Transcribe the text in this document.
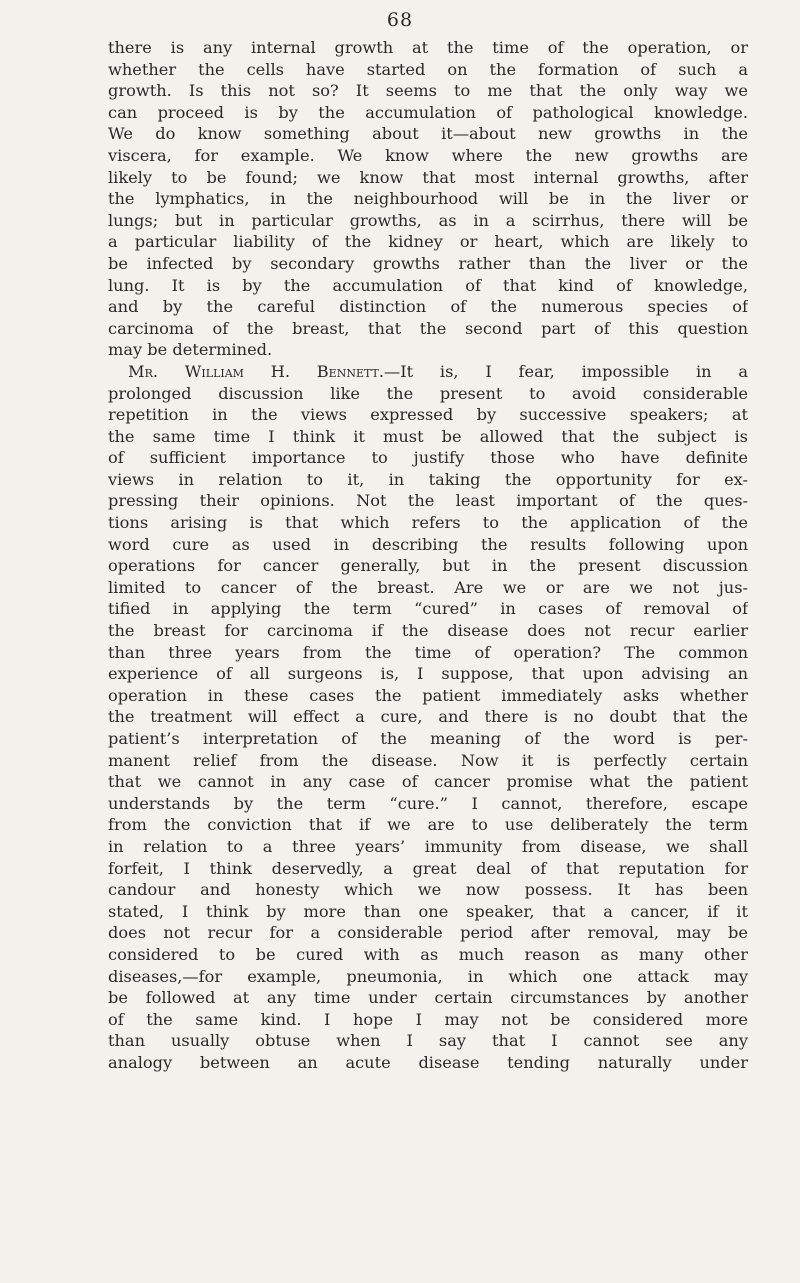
68
there is any internal growth at the time of the operation, or
whether the cells have started on the formation of such a
growth. Is this not so? It seems to me that the only way we
can proceed is by the accumulation of pathological knowledge.
We do know something about it—about new growths in the
viscera, for example. We know where the new growths are
likely to be found; we know that most internal growths, after
the lymphatics, in the neighbourhood will be in the liver or
lungs; but in particular growths, as in a scirrhus, there will be
a particular liability of the kidney or heart, which are likely to
be infected by secondary growths rather than the liver or the
lung. It is by the accumulation of that kind of knowledge,
and by the careful distinction of the numerous species of
carcinoma of the breast, that the second part of this question
may be determined.
Mr. William H. Bennett.—It is, I fear, impossible in a
prolonged discussion like the present to avoid considerable
repetition in the views expressed by successive speakers; at
the same time I think it must be allowed that the subject is
of sufficient importance to justify those who have definite
views in relation to it, in taking the opportunity for ex-
pressing their opinions. Not the least important of the ques-
tions arising is that which refers to the application of the
word cure as used in describing the results following upon
operations for cancer generally, but in the present discussion
limited to cancer of the breast. Are we or are we not jus-
tified in applying the term “cured” in cases of removal of
the breast for carcinoma if the disease does not recur earlier
than three years from the time of operation? The common
experience of all surgeons is, I suppose, that upon advising an
operation in these cases the patient immediately asks whether
the treatment will effect a cure, and there is no doubt that the
patient’s interpretation of the meaning of the word is per-
manent relief from the disease. Now it is perfectly certain
that we cannot in any case of cancer promise what the patient
understands by the term “cure.” I cannot, therefore, escape
from the conviction that if we are to use deliberately the term
in relation to a three years’ immunity from disease, we shall
forfeit, I think deservedly, a great deal of that reputation for
candour and honesty which we now possess. It has been
stated, I think by more than one speaker, that a cancer, if it
does not recur for a considerable period after removal, may be
considered to be cured with as much reason as many other
diseases,—for example, pneumonia, in which one attack may
be followed at any time under certain circumstances by another
of the same kind. I hope I may not be considered more
than usually obtuse when I say that I cannot see any
analogy between an acute disease tending naturally under
